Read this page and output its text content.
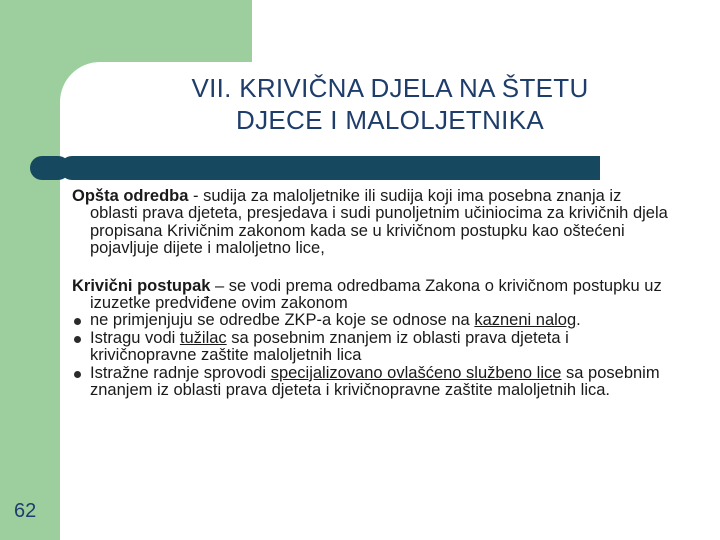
VII. KRIVIČNA DJELA NA ŠTETU
DJECE I MALOLJETNIKA

Opšta odredba - sudija za maloljetnike ili sudija koji ima posebna znanja iz oblasti prava djeteta, presjedava i sudi punoljetnim učiniocima za krivičnih djela propisana Krivičnim zakonom kada se u krivičnom postupku kao oštećeni pojavljuje dijete i maloljetno lice,

Krivični postupak – se vodi prema odredbama Zakona o krivičnom postupku uz izuzetke predviđene ovim zakonom

ne primjenjuju se odredbe ZKP-a koje se odnose na kazneni nalog.
Istragu vodi tužilac sa posebnim znanjem iz oblasti prava djeteta i krivičnopravne zaštite maloljetnih lica
Istražne radnje sprovodi specijalizovano ovlašćeno službeno lice sa posebnim znanjem iz oblasti prava djeteta i krivičnopravne zaštite maloljetnih lica.
62
